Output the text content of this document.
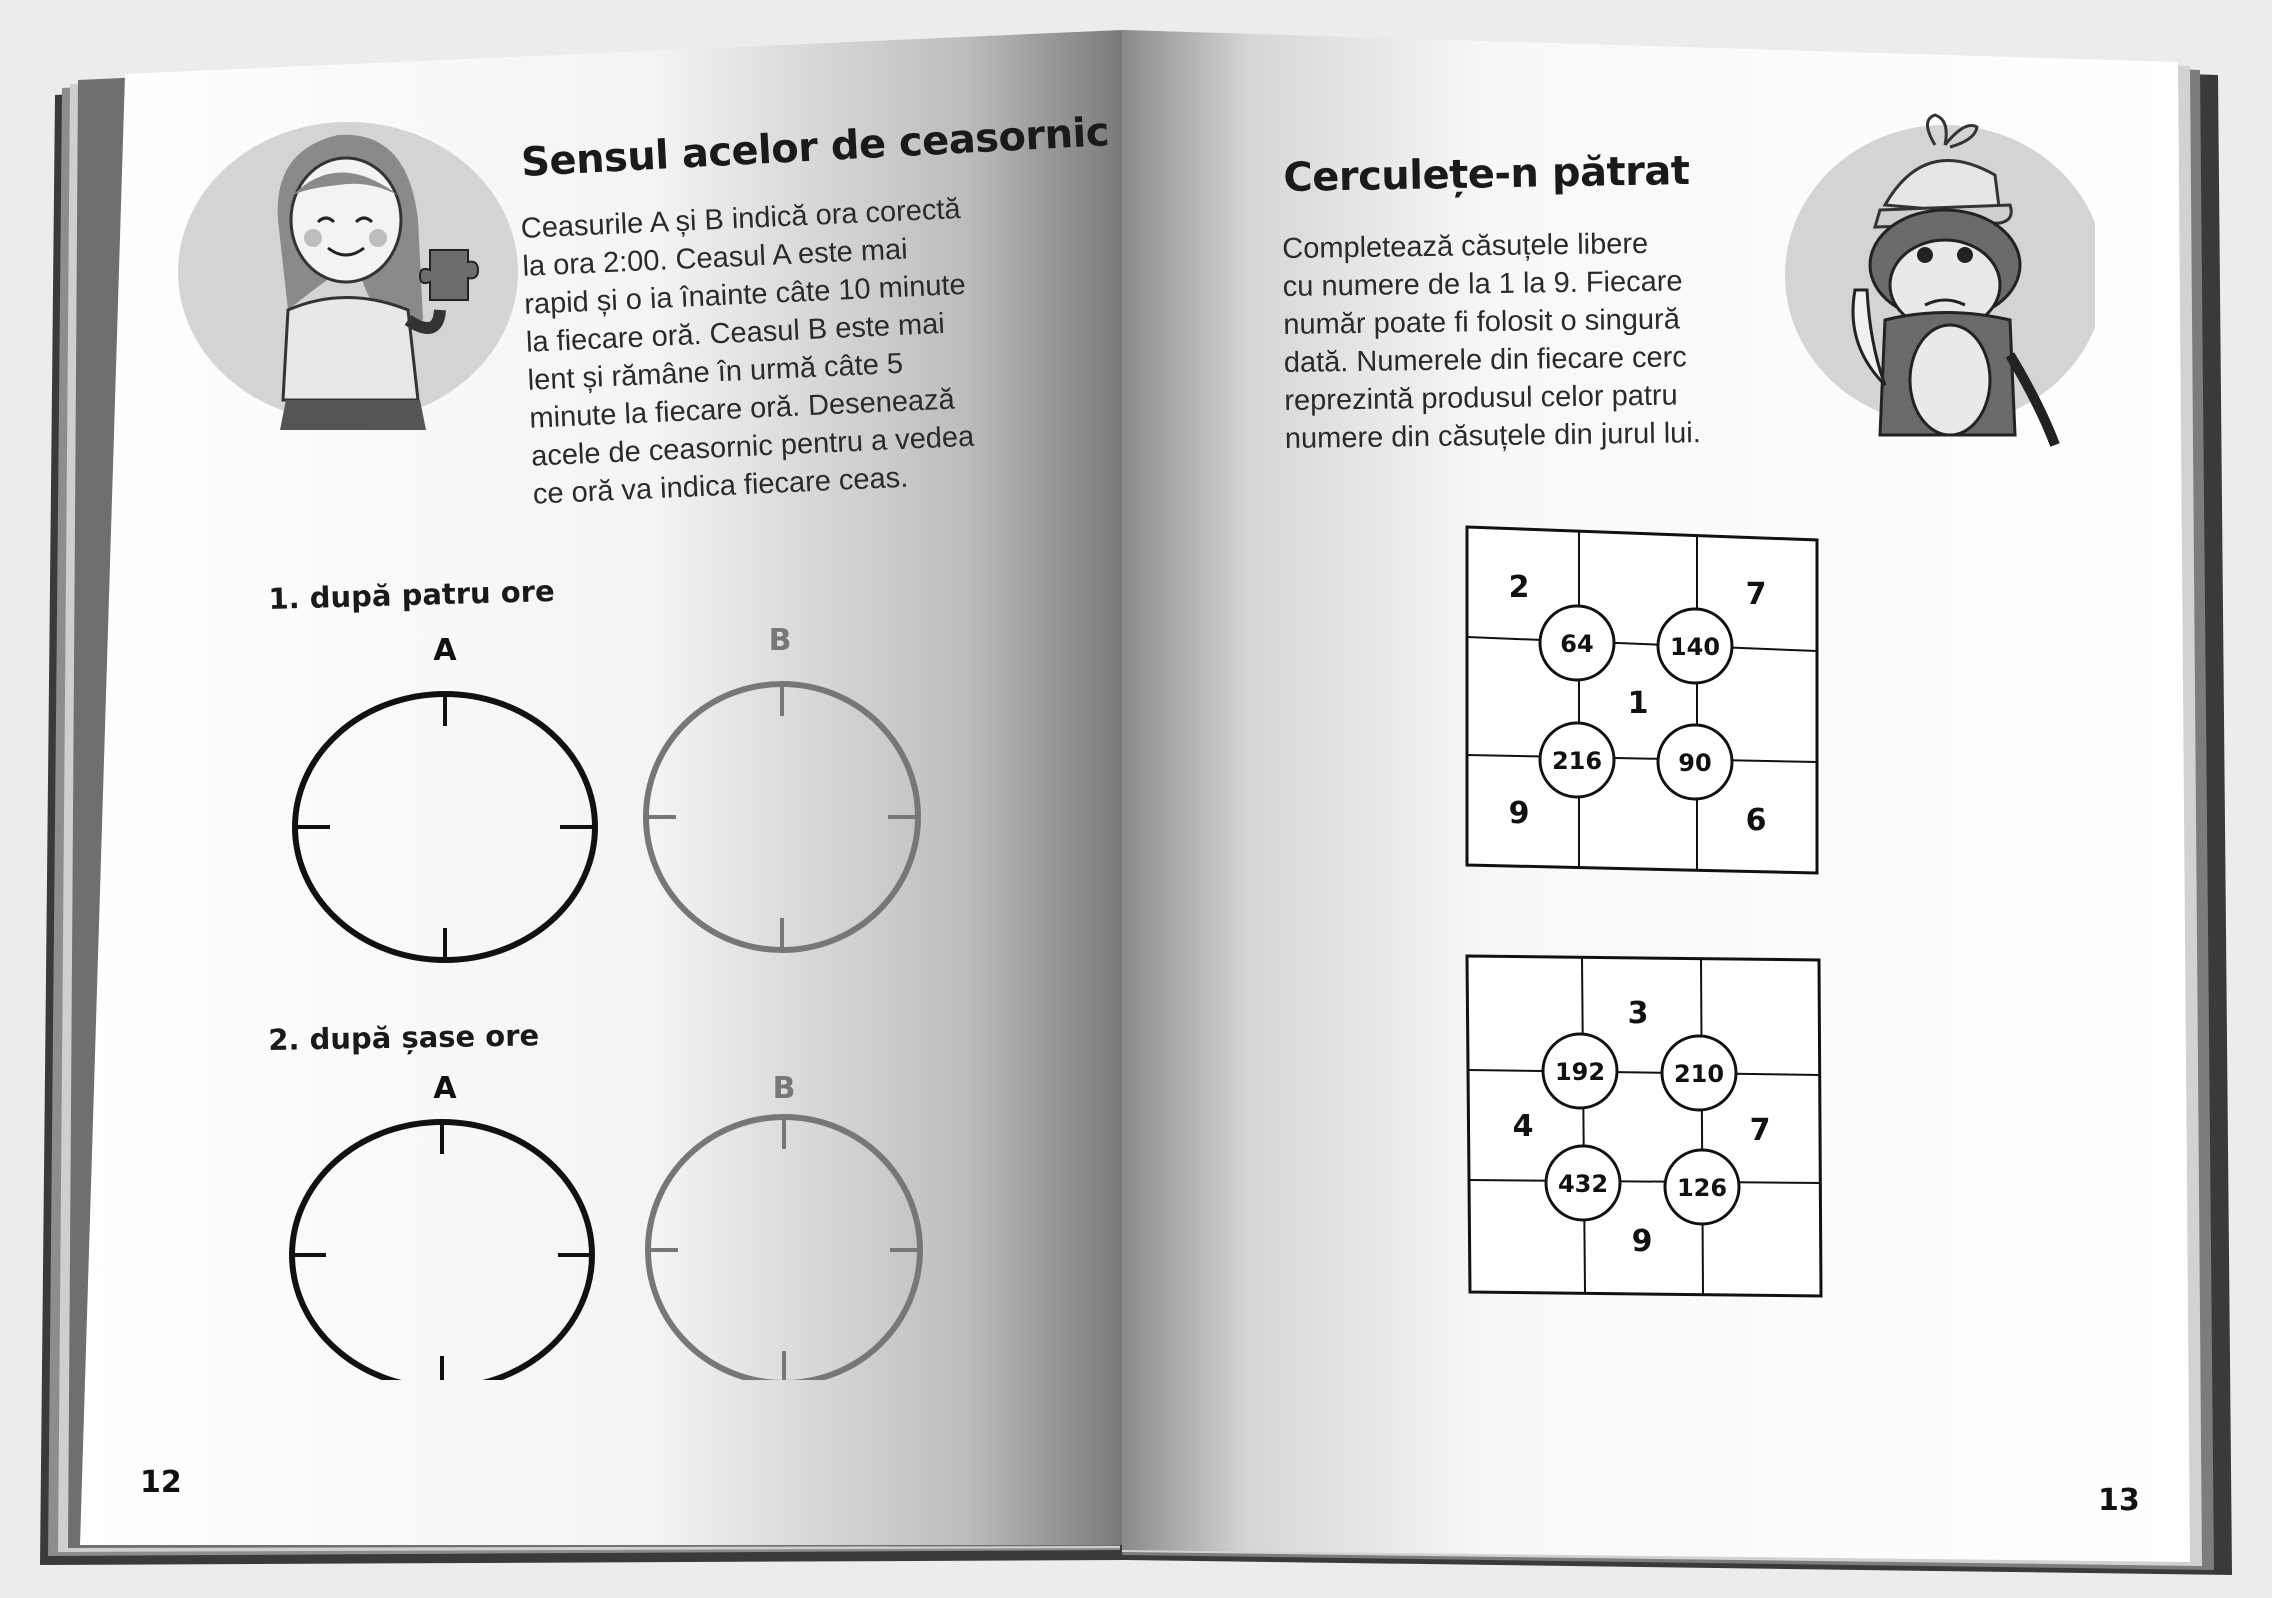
Sensul acelor de ceasornic
Ceasurile A și B indică ora corectă
la ora 2:00. Ceasul A este mai
rapid și o ia înainte câte 10 minute
la fiecare oră. Ceasul B este mai
lent și rămâne în urmă câte 5
minute la fiecare oră. Desenează
acele de ceasornic pentru a vedea
ce oră va indica fiecare ceas.
1. după patru ore
2. după șase ore
A	B
A	B
12
Cerculețe-n pătrat
Completează căsuțele libere
cu numere de la 1 la 9. Fiecare
număr poate fi folosit o singură
dată. Numerele din fiecare cerc
reprezintă produsul celor patru
numere din căsuțele din jurul lui.
2	7
1
9	6
64	140
216	90
3
4	7
9
192	210
432	126
13
